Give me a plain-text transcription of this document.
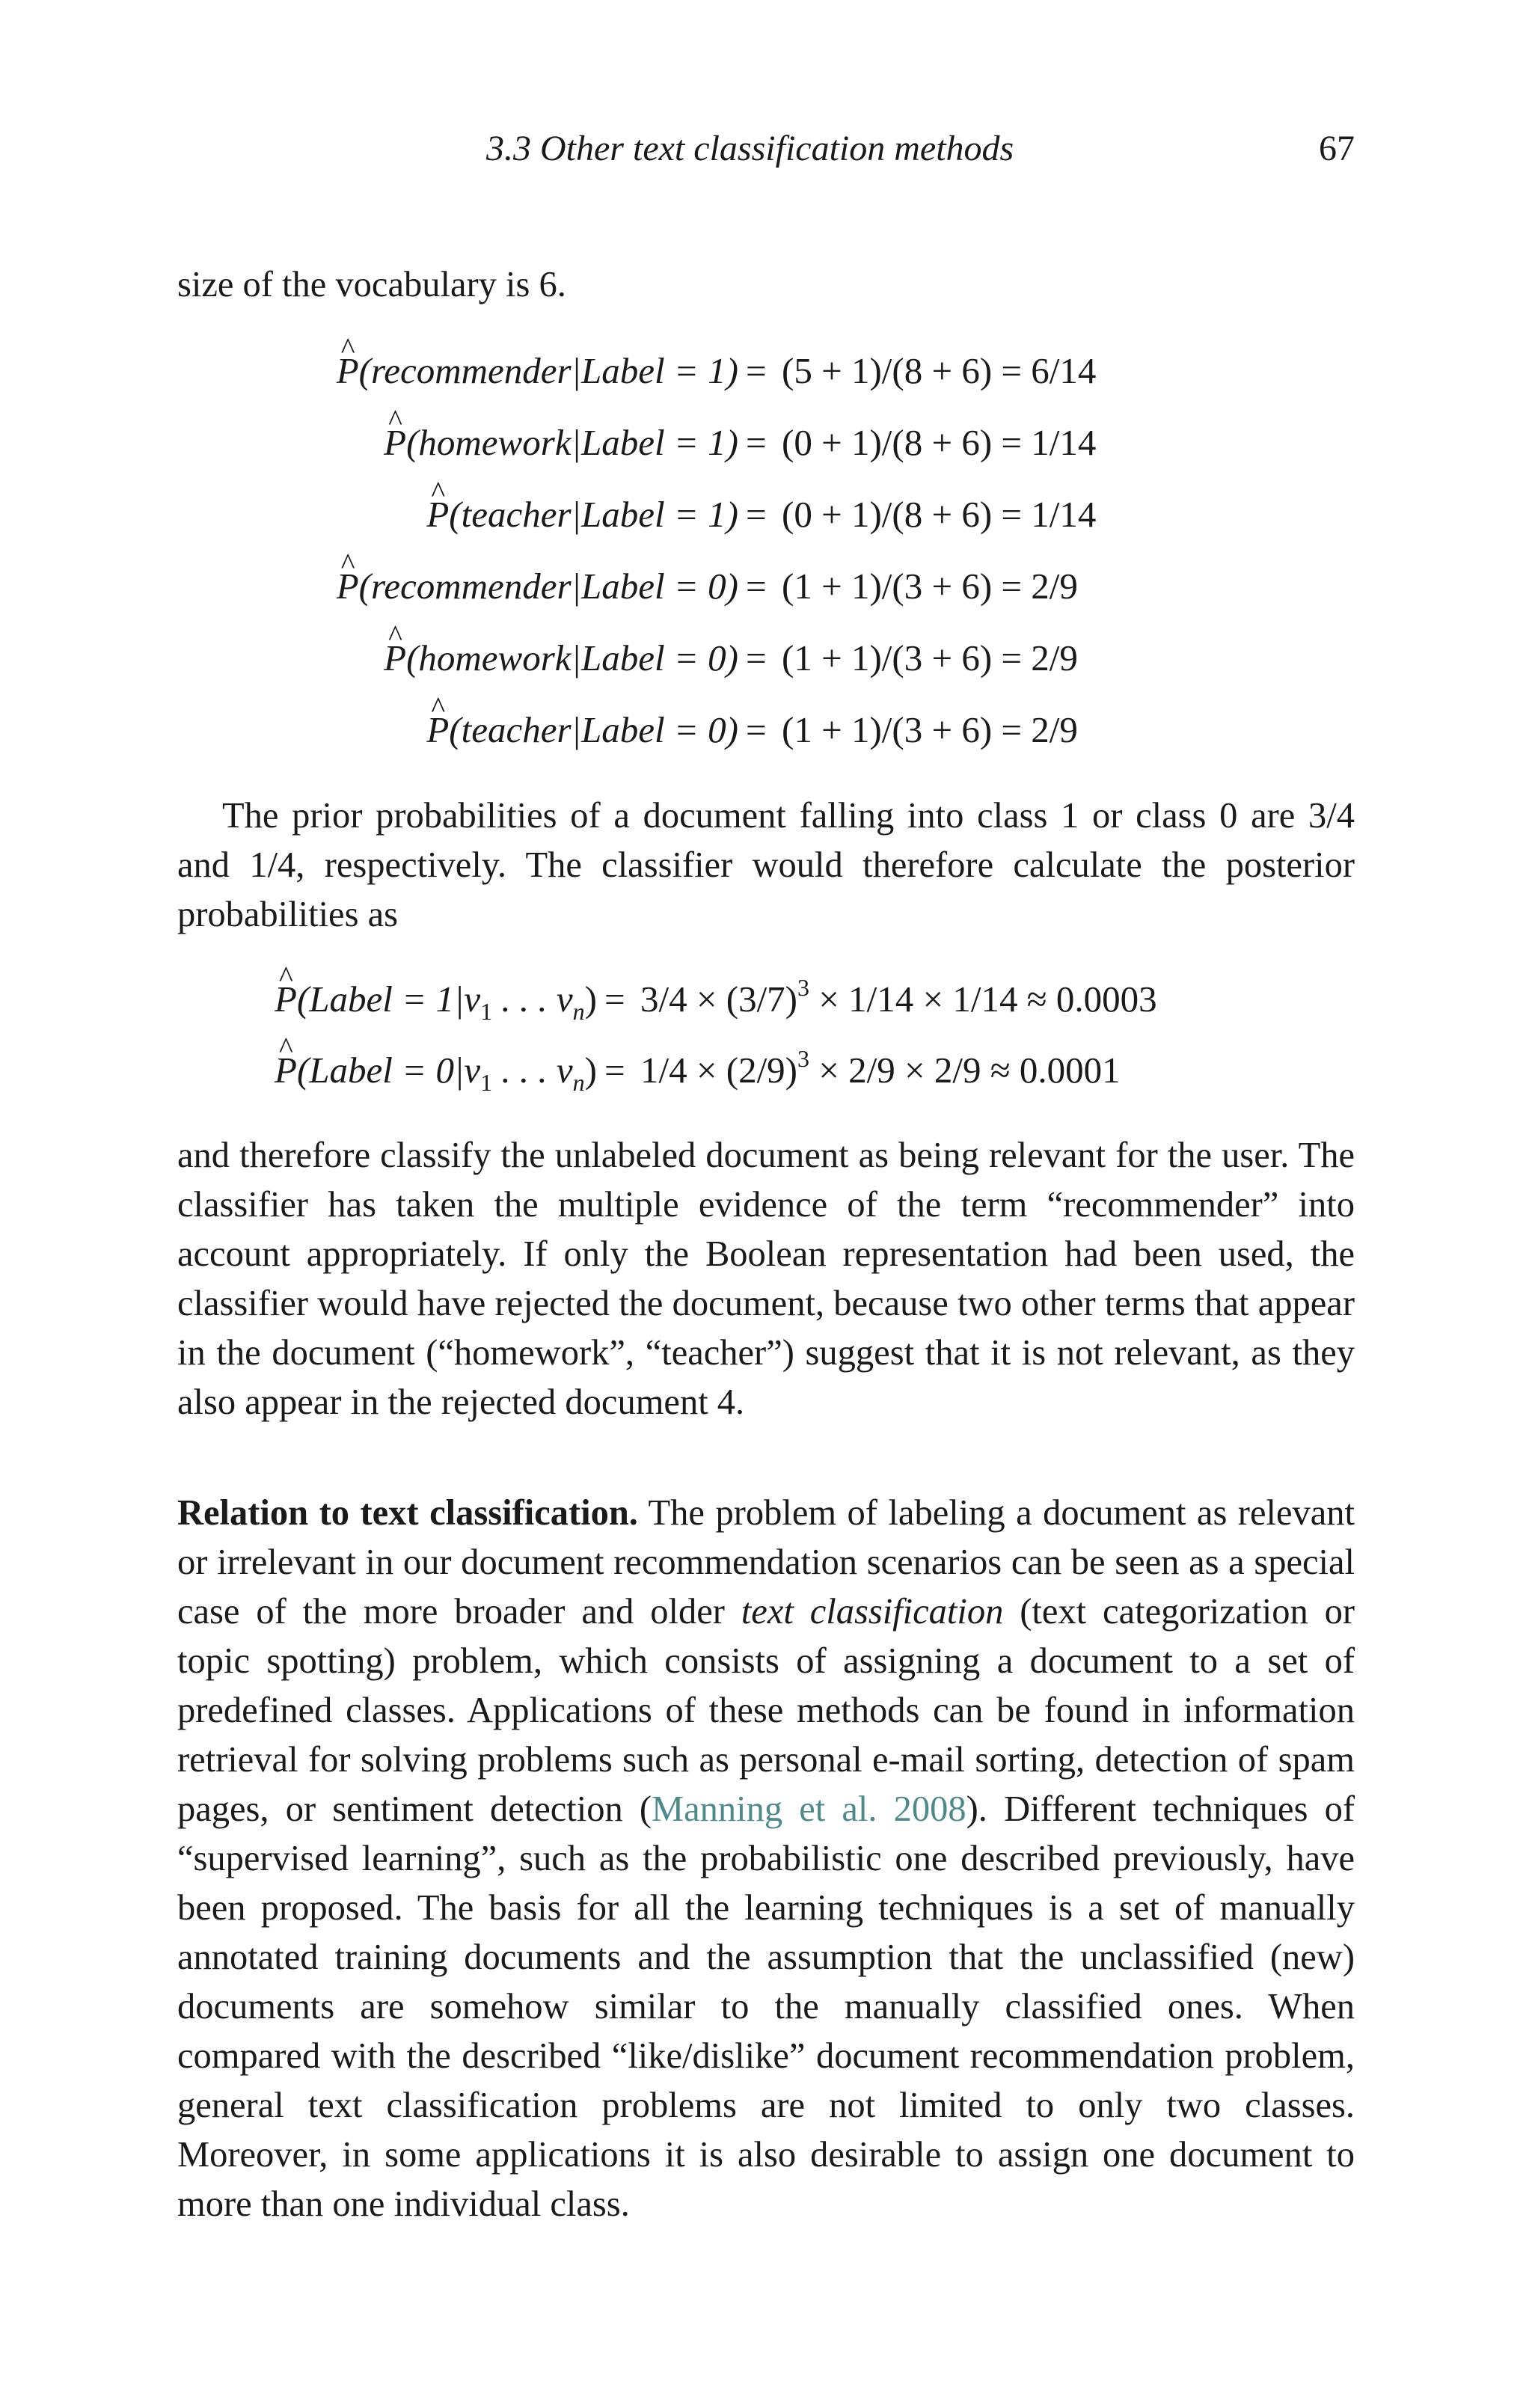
3.3 Other text classification methods	67

size of the vocabulary is 6.

^ P(recommender|Label = 1) = (5 + 1)/(8 + 6) = 6/14
^ P(homework|Label = 1) = (0 + 1)/(8 + 6) = 1/14
^ P(teacher|Label = 1) = (0 + 1)/(8 + 6) = 1/14
^ P(recommender|Label = 0) = (1 + 1)/(3 + 6) = 2/9
^ P(homework|Label = 0) = (1 + 1)/(3 + 6) = 2/9
^ P(teacher|Label = 0) = (1 + 1)/(3 + 6) = 2/9

The prior probabilities of a document falling into class 1 or class 0 are 3/4 and 1/4, respectively. The classifier would therefore calculate the posterior probabilities as

^ P(Label = $1|v_1$ . . . $v_n) = 3/4 \times (3/7)^3 \times 1/14 \times 1/14 \approx 0.0003$
^ P(Label = $0|v_1$ . . . $v_n) = 1/4 \times (2/9)^3 \times 2/9 \times 2/9 \approx 0.0001$

and therefore classify the unlabeled document as being relevant for the user. The classifier has taken the multiple evidence of the term “recommender” into account appropriately. If only the Boolean representation had been used, the classifier would have rejected the document, because two other terms that appear in the document (“homework”, “teacher”) suggest that it is not relevant, as they also appear in the rejected document 4.

Relation to text classification. The problem of labeling a document as relevant or irrelevant in our document recommendation scenarios can be seen as a special case of the more broader and older text classification (text categorization or topic spotting) problem, which consists of assigning a document to a set of predefined classes. Applications of these methods can be found in information retrieval for solving problems such as personal e-mail sorting, detection of spam pages, or sentiment detection (Manning et al. 2008). Different techniques of “supervised learning”, such as the probabilistic one described previously, have been proposed. The basis for all the learning techniques is a set of manually annotated training documents and the assumption that the unclassified (new) documents are somehow similar to the manually classified ones. When compared with the described “like/dislike” document recommendation problem, general text classification problems are not limited to only two classes. Moreover, in some applications it is also desirable to assign one document to more than one individual class.
